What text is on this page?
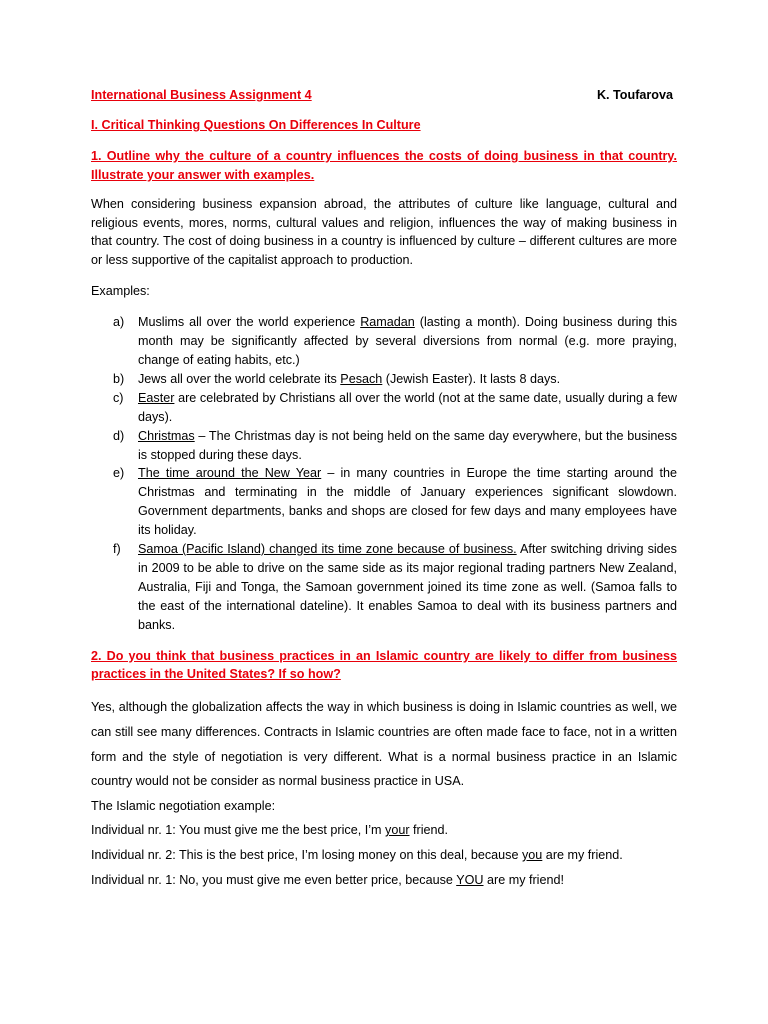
International Business Assignment 4	K. Toufarova
I. Critical Thinking Questions On Differences In Culture
1. Outline why the culture of a country influences the costs of doing business in that country. Illustrate your answer with examples.
When considering business expansion abroad, the attributes of culture like language, cultural and religious events, mores, norms, cultural values and religion, influences the way of making business in that country. The cost of doing business in a country is influenced by culture – different cultures are more or less supportive of the capitalist approach to production.
Examples:
a) Muslims all over the world experience Ramadan (lasting a month). Doing business during this month may be significantly affected by several diversions from normal (e.g. more praying, change of eating habits, etc.)
b) Jews all over the world celebrate its Pesach (Jewish Easter). It lasts 8 days.
c) Easter are celebrated by Christians all over the world (not at the same date, usually during a few days).
d) Christmas – The Christmas day is not being held on the same day everywhere, but the business is stopped during these days.
e) The time around the New Year – in many countries in Europe the time starting around the Christmas and terminating in the middle of January experiences significant slowdown. Government departments, banks and shops are closed for few days and many employees have its holiday.
f) Samoa (Pacific Island) changed its time zone because of business. After switching driving sides in 2009 to be able to drive on the same side as its major regional trading partners New Zealand, Australia, Fiji and Tonga, the Samoan government joined its time zone as well. (Samoa falls to the east of the international dateline). It enables Samoa to deal with its business partners and banks.
2. Do you think that business practices in an Islamic country are likely to differ from business practices in the United States? If so how?
Yes, although the globalization affects the way in which business is doing in Islamic countries as well, we can still see many differences. Contracts in Islamic countries are often made face to face, not in a written form and the style of negotiation is very different. What is a normal business practice in an Islamic country would not be consider as normal business practice in USA.
The Islamic negotiation example:
Individual nr. 1: You must give me the best price, I’m your friend.
Individual nr. 2: This is the best price, I’m losing money on this deal, because you are my friend.
Individual nr. 1: No, you must give me even better price, because YOU are my friend!
